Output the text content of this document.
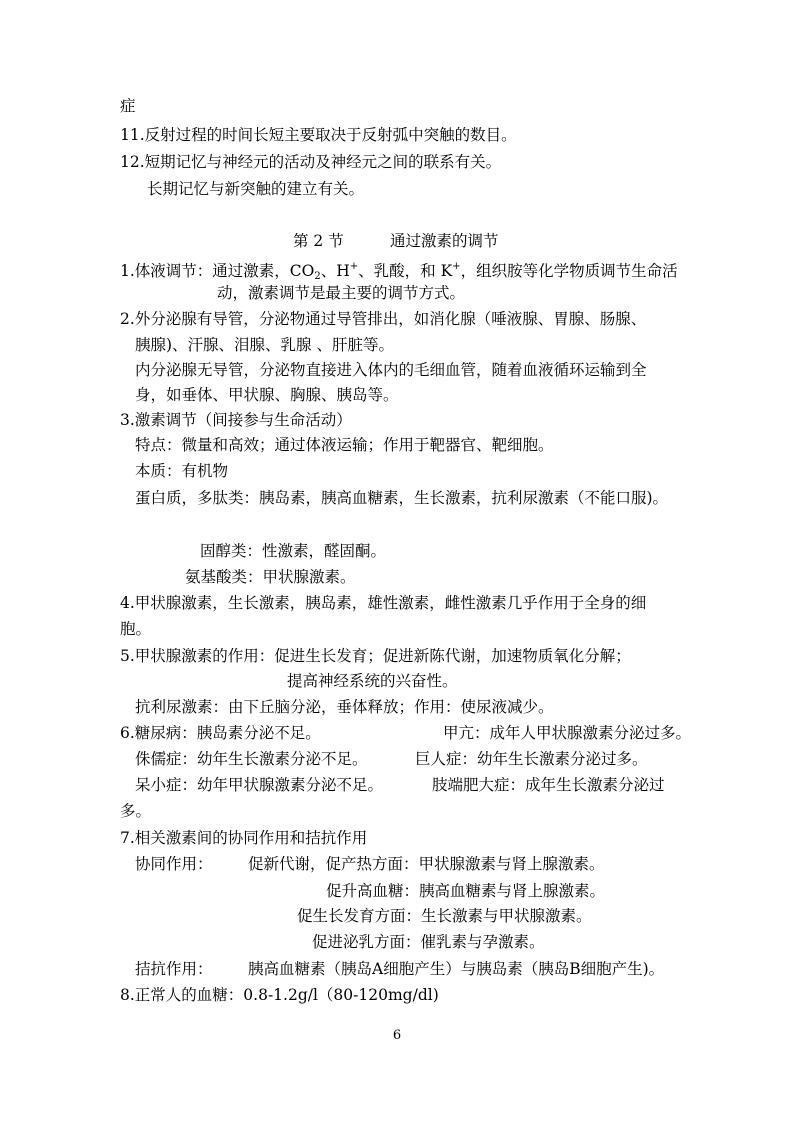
症
11.反射过程的时间长短主要取决于反射弧中突触的数目。
12.短期记忆与神经元的活动及神经元之间的联系有关。
长期记忆与新突触的建立有关。
第 2 节	通过激素的调节
1.体液调节：通过激素，$CO_2$、H+、乳酸，和 K+，组织胺等化学物质调节生命活
动，激素调节是最主要的调节方式。
2.外分泌腺有导管，分泌物通过导管排出，如消化腺（唾液腺、胃腺、肠腺、
胰腺)、汗腺、泪腺、乳腺 、肝脏等。
内分泌腺无导管，分泌物直接进入体内的毛细血管，随着血液循环运输到全
身，如垂体、甲状腺、胸腺、胰岛等。
3.激素调节（间接参与生命活动）
特点：微量和高效；通过体液运输；作用于靶器官、靶细胞。
本质：有机物
蛋白质，多肽类：胰岛素，胰高血糖素，生长激素，抗利尿激素（不能口服)。
固醇类：性激素，醛固酮。
氨基酸类：甲状腺激素。
4.甲状腺激素，生长激素，胰岛素，雄性激素，雌性激素几乎作用于全身的细
胞。
5.甲状腺激素的作用：促进生长发育；促进新陈代谢，加速物质氧化分解；
提高神经系统的兴奋性。
抗利尿激素：由下丘脑分泌，垂体释放；作用：使尿液减少。
6.糖尿病：胰岛素分泌不足。	甲亢：成年人甲状腺激素分泌过多。
侏儒症：幼年生长激素分泌不足。	巨人症：幼年生长激素分泌过多。
呆小症：幼年甲状腺激素分泌不足。	肢端肥大症：成年生长激素分泌过
多。
7.相关激素间的协同作用和拮抗作用
协同作用： 促新代谢，促产热方面：甲状腺激素与肾上腺激素。
促升高血糖：胰高血糖素与肾上腺激素。
促生长发育方面：生长激素与甲状腺激素。
促进泌乳方面：催乳素与孕激素。
拮抗作用： 胰高血糖素（胰岛A细胞产生）与胰岛素（胰岛B细胞产生)。
8.正常人的血糖：0.8-1.2g/l（80-120mg/dl)
6
